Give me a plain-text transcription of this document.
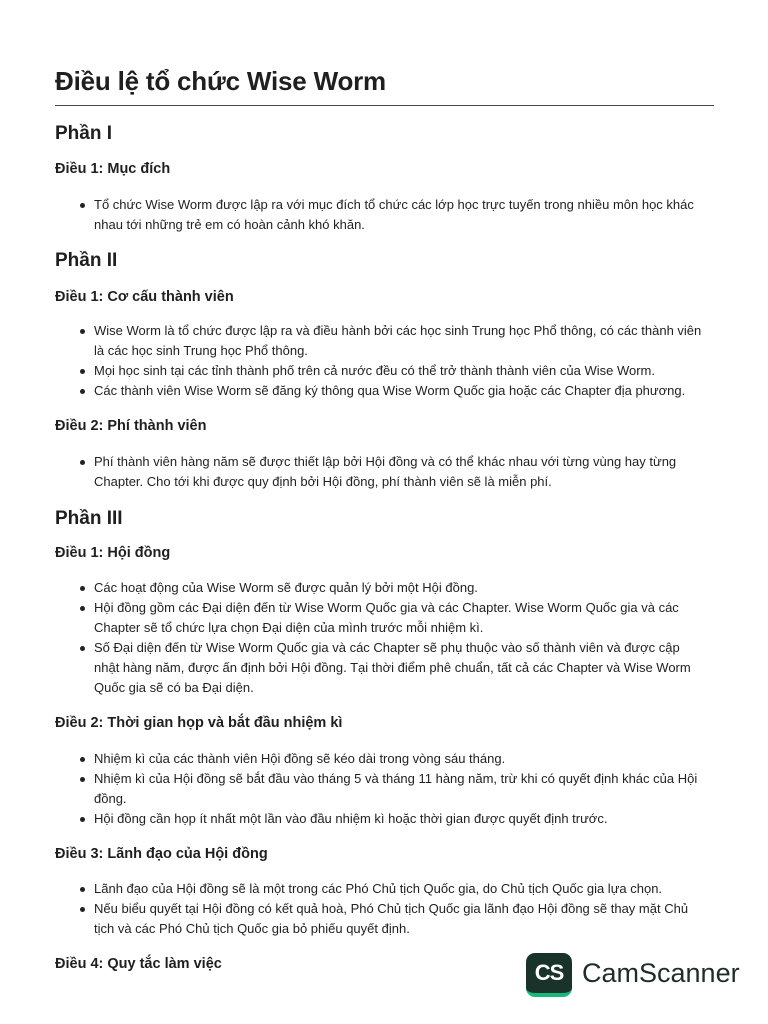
Điều lệ tổ chức Wise Worm
Phần I
Điều 1: Mục đích
Tổ chức Wise Worm được lập ra với mục đích tổ chức các lớp học trực tuyến trong nhiều môn học khác nhau tới những trẻ em có hoàn cảnh khó khăn.
Phần II
Điều 1: Cơ cấu thành viên
Wise Worm là tổ chức được lập ra và điều hành bởi các học sinh Trung học Phổ thông, có các thành viên là các học sinh Trung học Phổ thông.
Mọi học sinh tại các tỉnh thành phố trên cả nước đều có thể trở thành thành viên của Wise Worm.
Các thành viên Wise Worm sẽ đăng ký thông qua Wise Worm Quốc gia hoặc các Chapter địa phương.
Điều 2: Phí thành viên
Phí thành viên hàng năm sẽ được thiết lập bởi Hội đồng và có thể khác nhau với từng vùng hay từng Chapter. Cho tới khi được quy định bởi Hội đồng, phí thành viên sẽ là miễn phí.
Phần III
Điều 1: Hội đồng
Các hoạt động của Wise Worm sẽ được quản lý bởi một Hội đồng.
Hội đồng gồm các Đại diện đến từ Wise Worm Quốc gia và các Chapter. Wise Worm Quốc gia và các Chapter sẽ tổ chức lựa chọn Đại diện của mình trước mỗi nhiệm kì.
Số Đại diện đến từ Wise Worm Quốc gia và các Chapter sẽ phụ thuộc vào số thành viên và được cập nhật hàng năm, được ấn định bởi Hội đồng. Tại thời điểm phê chuẩn, tất cả các Chapter và Wise Worm Quốc gia sẽ có ba Đại diện.
Điều 2: Thời gian họp và bắt đầu nhiệm kì
Nhiệm kì của các thành viên Hội đồng sẽ kéo dài trong vòng sáu tháng.
Nhiệm kì của Hội đồng sẽ bắt đầu vào tháng 5 và tháng 11 hàng năm, trừ khi có quyết định khác của Hội đồng.
Hội đồng cần họp ít nhất một lần vào đầu nhiệm kì hoặc thời gian được quyết định trước.
Điều 3: Lãnh đạo của Hội đồng
Lãnh đạo của Hội đồng sẽ là một trong các Phó Chủ tịch Quốc gia, do Chủ tịch Quốc gia lựa chọn.
Nếu biểu quyết tại Hội đồng có kết quả hoà, Phó Chủ tịch Quốc gia lãnh đạo Hội đồng sẽ thay mặt Chủ tịch và các Phó Chủ tịch Quốc gia bỏ phiếu quyết định.
Điều 4: Quy tắc làm việc	CS CamScanner
